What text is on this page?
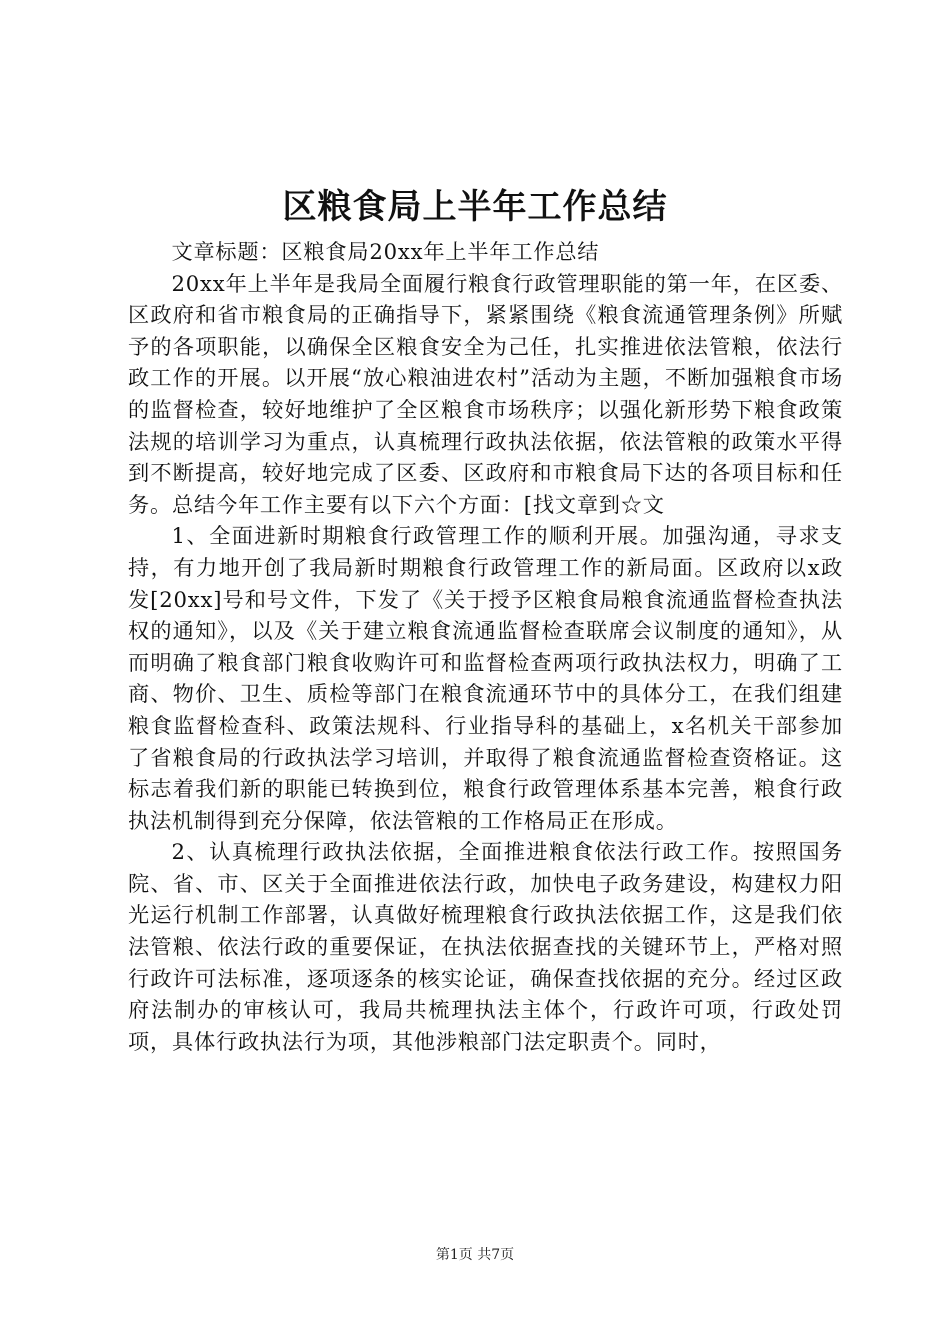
区粮食局上半年工作总结

文章标题：区粮食局20xx年上半年工作总结

20xx年上半年是我局全面履行粮食行政管理职能的第一年，在区委、区政府和省市粮食局的正确指导下，紧紧围绕《粮食流通管理条例》所赋予的各项职能，以确保全区粮食安全为己任，扎实推进依法管粮，依法行政工作的开展。以开展“放心粮油进农村”活动为主题，不断加强粮食市场的监督检查，较好地维护了全区粮食市场秩序；以强化新形势下粮食政策法规的培训学习为重点，认真梳理行政执法依据，依法管粮的政策水平得到不断提高，较好地完成了区委、区政府和市粮食局下达的各项目标和任务。总结今年工作主要有以下六个方面：[找文章到☆文

1、全面进新时期粮食行政管理工作的顺利开展。加强沟通，寻求支持，有力地开创了我局新时期粮食行政管理工作的新局面。区政府以x政发[20xx]号和号文件，下发了《关于授予区粮食局粮食流通监督检查执法权的通知》，以及《关于建立粮食流通监督检查联席会议制度的通知》，从而明确了粮食部门粮食收购许可和监督检查两项行政执法权力，明确了工商、物价、卫生、质检等部门在粮食流通环节中的具体分工，在我们组建粮食监督检查科、政策法规科、行业指导科的基础上，x名机关干部参加了省粮食局的行政执法学习培训，并取得了粮食流通监督检查资格证。这标志着我们新的职能已转换到位，粮食行政管理体系基本完善，粮食行政执法机制得到充分保障，依法管粮的工作格局正在形成。

2、认真梳理行政执法依据，全面推进粮食依法行政工作。按照国务院、省、市、区关于全面推进依法行政，加快电子政务建设，构建权力阳光运行机制工作部署，认真做好梳理粮食行政执法依据工作，这是我们依法管粮、依法行政的重要保证，在执法依据查找的关键环节上，严格对照行政许可法标准，逐项逐条的核实论证，确保查找依据的充分。经过区政府法制办的审核认可，我局共梳理执法主体个，行政许可项，行政处罚项，具体行政执法行为项，其他涉粮部门法定职责个。同时，

第1页 共7页
